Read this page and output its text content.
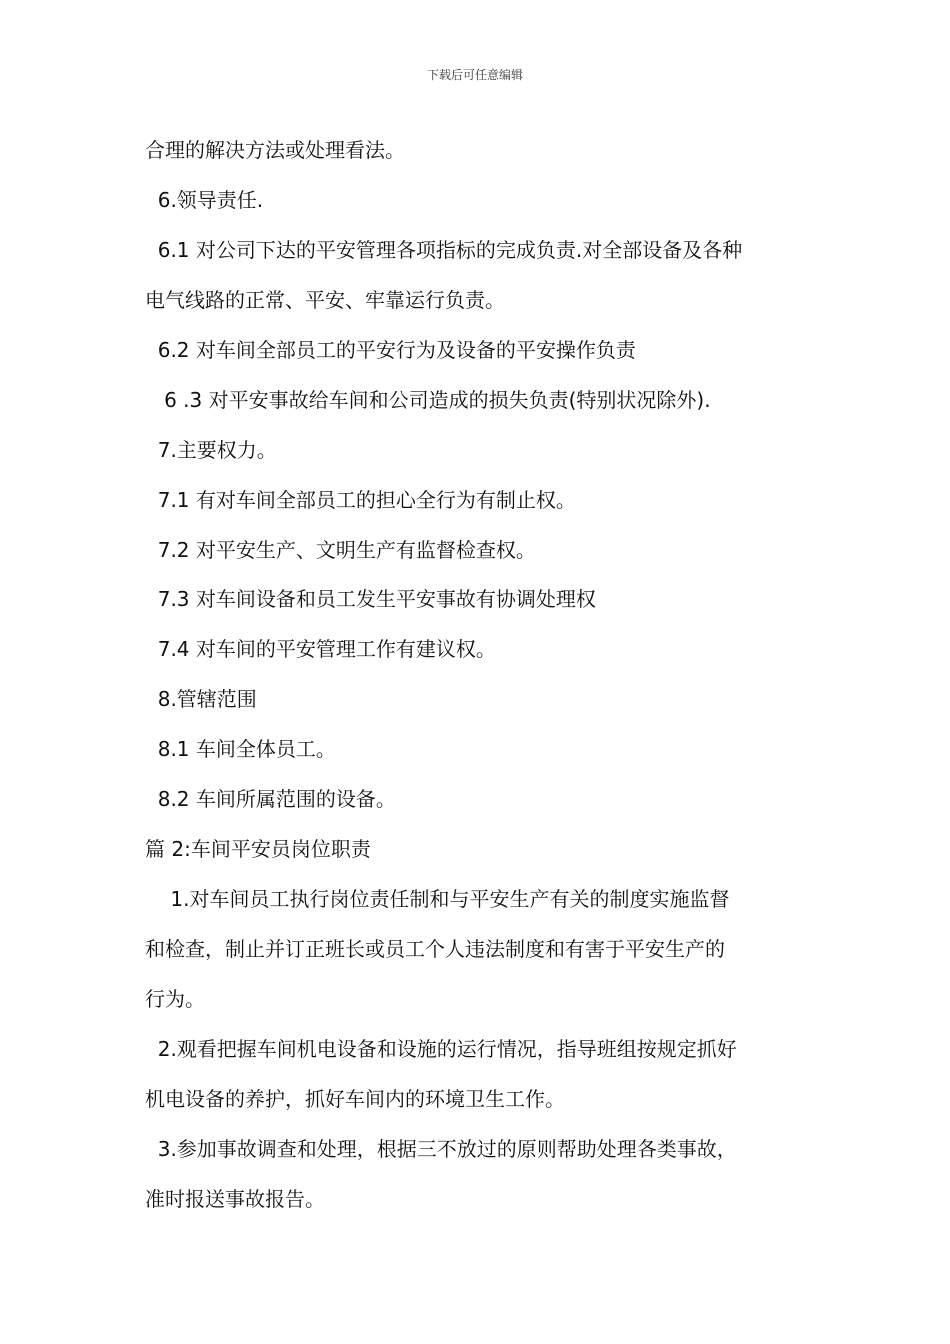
下载后可任意编辑
合理的解决方法或处理看法。
6.领导责任.
6.1 对公司下达的平安管理各项指标的完成负责.对全部设备及各种
电气线路的正常、平安、牢靠运行负责。
6.2 对车间全部员工的平安行为及设备的平安操作负责
6 .3 对平安事故给车间和公司造成的损失负责(特别状况除外).
7.主要权力。
7.1 有对车间全部员工的担心全行为有制止权。
7.2 对平安生产、文明生产有监督检查权。
7.3 对车间设备和员工发生平安事故有协调处理权
7.4 对车间的平安管理工作有建议权。
8.管辖范围
8.1 车间全体员工。
8.2 车间所属范围的设备。
篇 2:车间平安员岗位职责
1.对车间员工执行岗位责任制和与平安生产有关的制度实施监督
和检查，制止并订正班长或员工个人违法制度和有害于平安生产的
行为。
2.观看把握车间机电设备和设施的运行情况，指导班组按规定抓好
机电设备的养护，抓好车间内的环境卫生工作。
3.参加事故调查和处理，根据三不放过的原则帮助处理各类事故，
准时报送事故报告。
